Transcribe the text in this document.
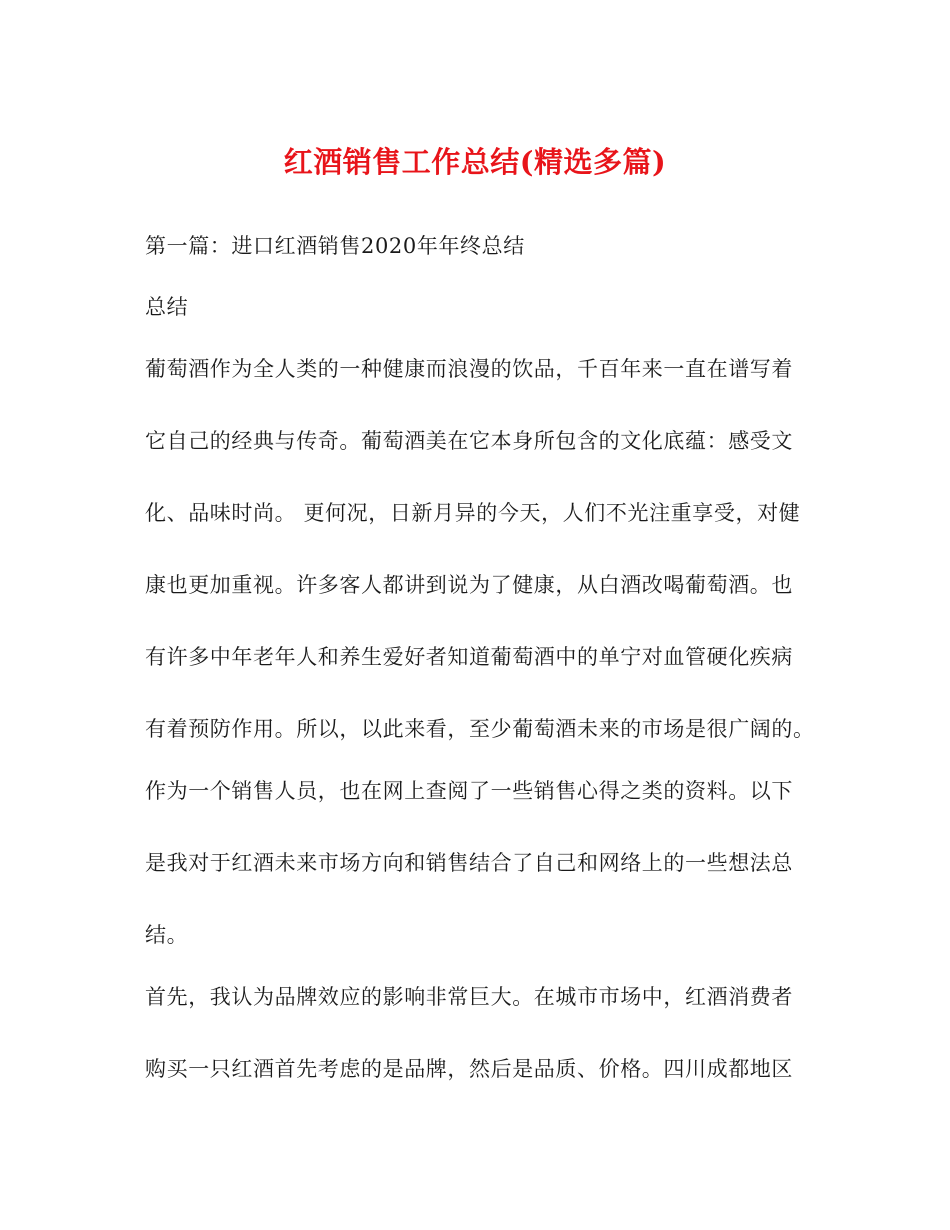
红酒销售工作总结(精选多篇)
第一篇：进口红酒销售2020年年终总结
总结
葡萄酒作为全人类的一种健康而浪漫的饮品，千百年来一直在谱写着
它自己的经典与传奇。葡萄酒美在它本身所包含的文化底蕴：感受文
化、品味时尚。 更何况，日新月异的今天，人们不光注重享受，对健
康也更加重视。许多客人都讲到说为了健康，从白酒改喝葡萄酒。也
有许多中年老年人和养生爱好者知道葡萄酒中的单宁对血管硬化疾病
有着预防作用。所以，以此来看，至少葡萄酒未来的市场是很广阔的。
作为一个销售人员，也在网上查阅了一些销售心得之类的资料。以下
是我对于红酒未来市场方向和销售结合了自己和网络上的一些想法总
结。
首先，我认为品牌效应的影响非常巨大。在城市市场中，红酒消费者
购买一只红酒首先考虑的是品牌，然后是品质、价格。四川成都地区
